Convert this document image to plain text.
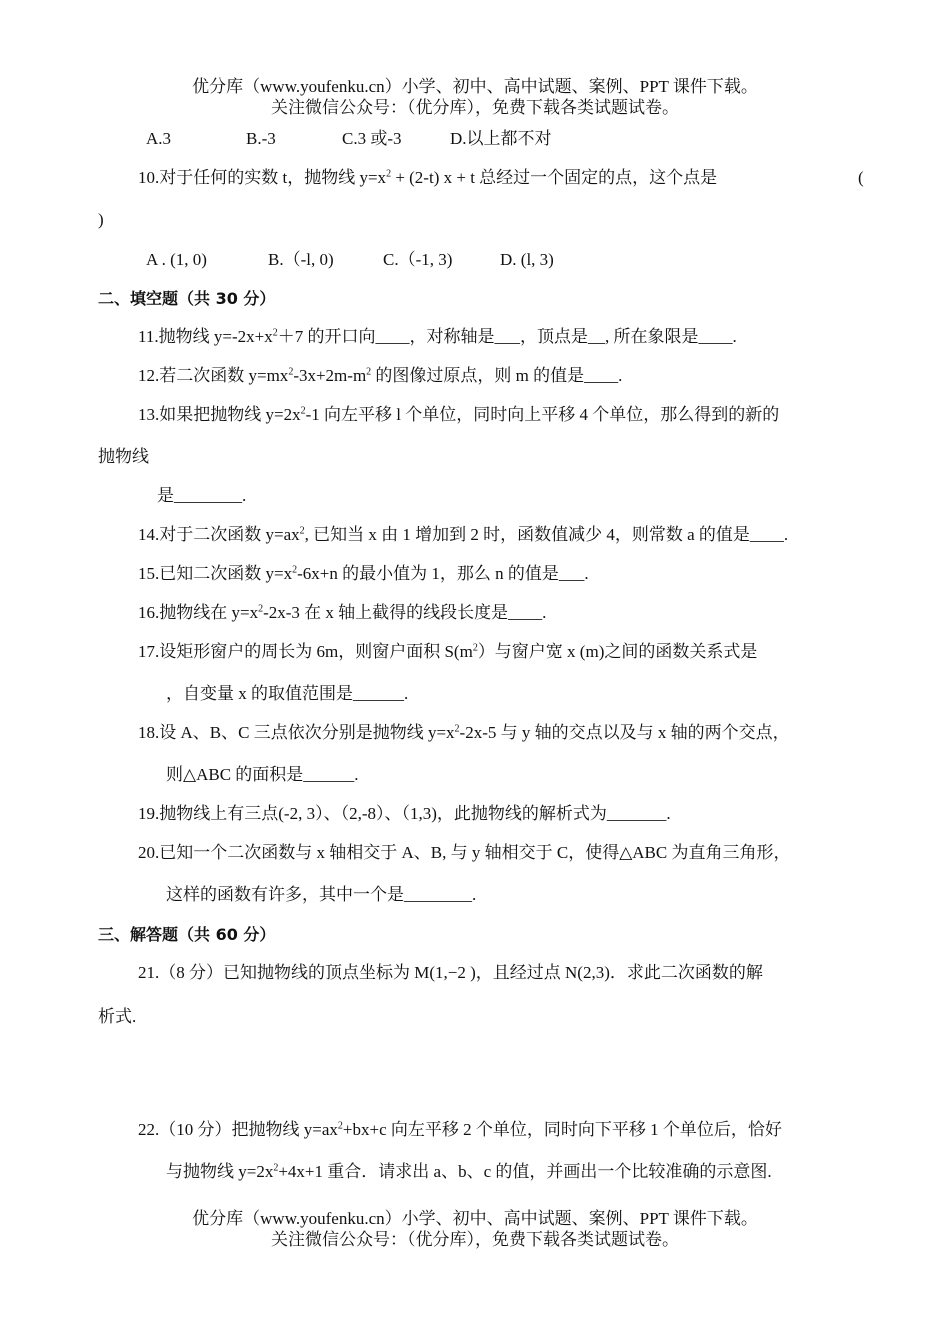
优分库（www.youfenku.cn）小学、初中、高中试题、案例、PPT 课件下载。
关注微信公众号：（优分库），免费下载各类试题试卷。
A.3	B.-3	C.3 或-3	D.以上都不对
10.对于任何的实数 t，抛物线 $y=x^2 + (2-t) x + t$ 总经过一个固定的点，这个点是	(
)
A . (1, 0)	B.（-l, 0)	C.（-1, 3)	D. (l, 3)
二、填空题（共 30 分）
11.抛物线 $y=-2x+x^2+7$ 的开口向____，对称轴是___，顶点是__, 所在象限是____.
12.若二次函数 $y=mx^2-3x+2m-m^2$ 的图像过原点，则 m 的值是____.
13.如果把抛物线 $y=2x^2-1$ 向左平移 l 个单位，同时向上平移 4 个单位，那么得到的新的
抛物线
是________.
14.对于二次函数 $y=ax^2$, 已知当 x 由 1 增加到 2 时，函数值减少 4，则常数 a 的值是____.
15.已知二次函数 $y=x^2-6x+n$ 的最小值为 1，那么 n 的值是___.
16.抛物线在 $y=x^2-2x-3$ 在 x 轴上截得的线段长度是____.
17.设矩形窗户的周长为 6m，则窗户面积 $S(m^2)$与窗户宽 x (m)之间的函数关系式是
，自变量 x 的取值范围是______.
18.设 A、B、C 三点依次分别是抛物线 $y=x^2-2x-5$ 与 y 轴的交点以及与 x 轴的两个交点，
则△ABC 的面积是______.
19.抛物线上有三点(-2, 3）、（2,-8）、（1,3)，此抛物线的解析式为_______.
20.已知一个二次函数与 x 轴相交于 A、B, 与 y 轴相交于 C，使得△ABC 为直角三角形，
这样的函数有许多，其中一个是________.
三、解答题（共 60 分）
21.（8 分）已知抛物线的顶点坐标为 M(1,−2 )，且经过点 N(2,3)．求此二次函数的解
析式.
22.（10 分）把抛物线 $y=ax^2+bx+c$ 向左平移 2 个单位，同时向下平移 1 个单位后，恰好
与抛物线 $y=2x^2+4x+1$ 重合．请求出 a、b、c 的值，并画出一个比较准确的示意图.
优分库（www.youfenku.cn）小学、初中、高中试题、案例、PPT 课件下载。
关注微信公众号：（优分库），免费下载各类试题试卷。
